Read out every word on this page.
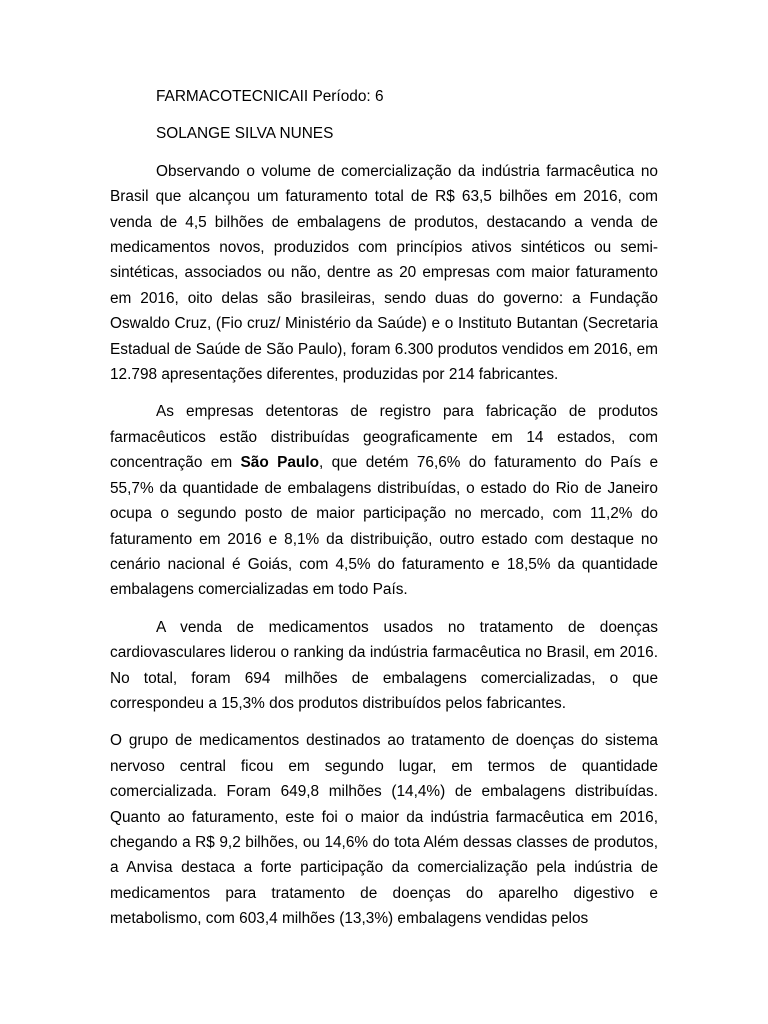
FARMACOTECNICAII Período: 6

SOLANGE SILVA NUNES

Observando o volume de comercialização da indústria farmacêutica no Brasil que alcançou um faturamento total de R$ 63,5 bilhões em 2016, com venda de 4,5 bilhões de embalagens de produtos, destacando a venda de medicamentos novos, produzidos com princípios ativos sintéticos ou semi-sintéticas, associados ou não, dentre as 20 empresas com maior faturamento em 2016, oito delas são brasileiras, sendo duas do governo: a Fundação Oswaldo Cruz, (Fio cruz/ Ministério da Saúde) e o Instituto Butantan (Secretaria Estadual de Saúde de São Paulo), foram 6.300 produtos vendidos em 2016, em 12.798 apresentações diferentes, produzidas por 214 fabricantes.

As empresas detentoras de registro para fabricação de produtos farmacêuticos estão distribuídas geograficamente em 14 estados, com concentração em São Paulo, que detém 76,6% do faturamento do País e 55,7% da quantidade de embalagens distribuídas, o estado do Rio de Janeiro ocupa o segundo posto de maior participação no mercado, com 11,2% do faturamento em 2016 e 8,1% da distribuição, outro estado com destaque no cenário nacional é Goiás, com 4,5% do faturamento e 18,5% da quantidade embalagens comercializadas em todo País.

A venda de medicamentos usados no tratamento de doenças cardiovasculares liderou o ranking da indústria farmacêutica no Brasil, em 2016. No total, foram 694 milhões de embalagens comercializadas, o que correspondeu a 15,3% dos produtos distribuídos pelos fabricantes.

O grupo de medicamentos destinados ao tratamento de doenças do sistema nervoso central ficou em segundo lugar, em termos de quantidade comercializada. Foram 649,8 milhões (14,4%) de embalagens distribuídas. Quanto ao faturamento, este foi o maior da indústria farmacêutica em 2016, chegando a R$ 9,2 bilhões, ou 14,6% do tota Além dessas classes de produtos, a Anvisa destaca a forte participação da comercialização pela indústria de medicamentos para tratamento de doenças do aparelho digestivo e metabolismo, com 603,4 milhões (13,3%) embalagens vendidas pelos
